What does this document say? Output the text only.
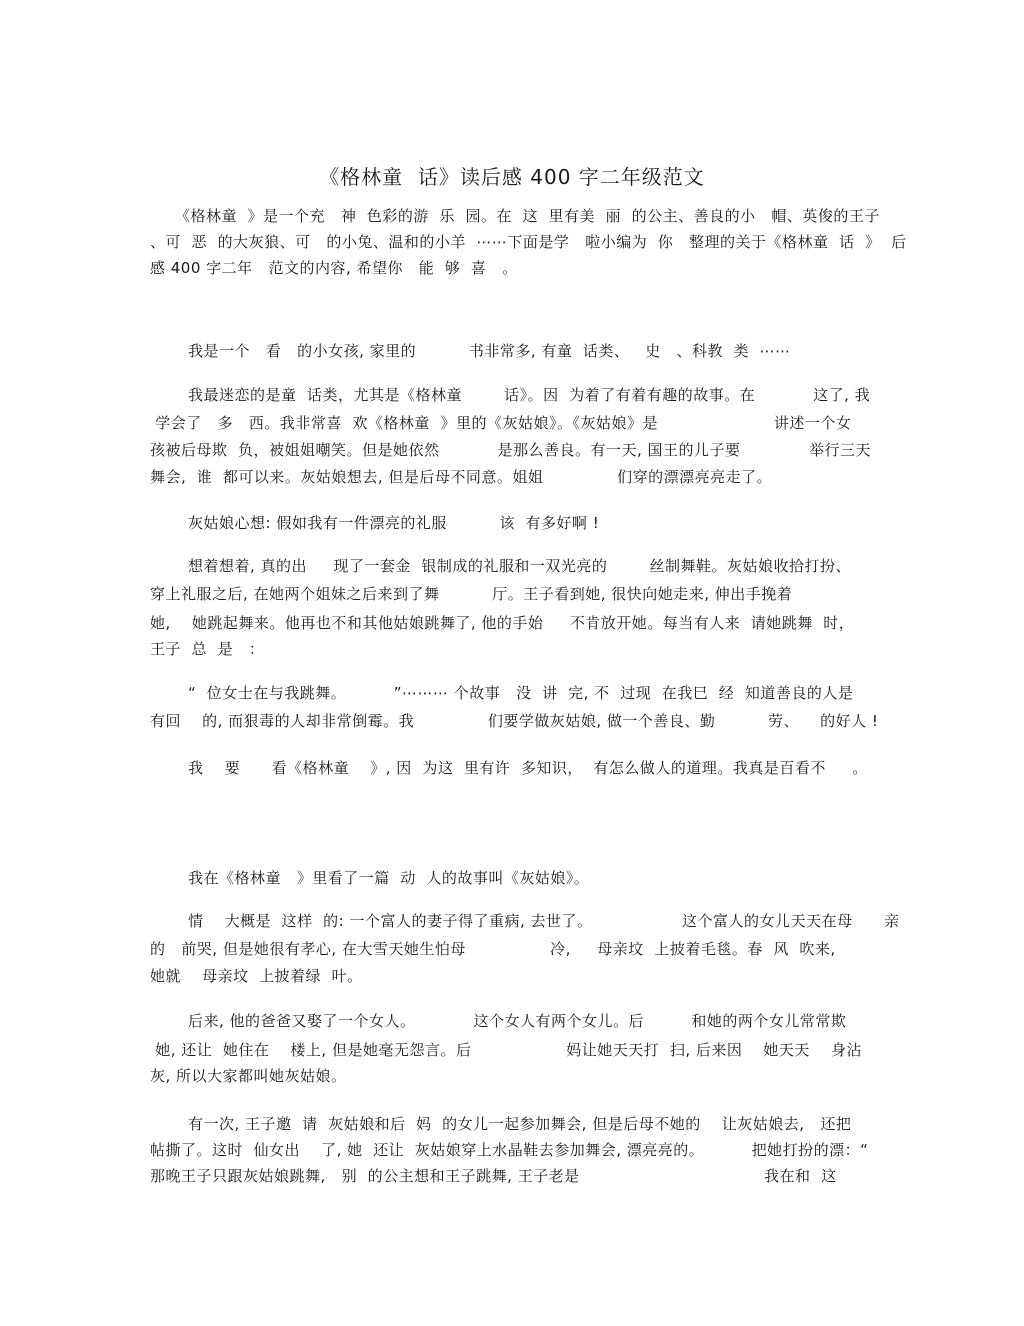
《格林童  话》读后感 400 字二年级范文
《格林童  》是一个充   神  色彩的游  乐  园。在  这  里有美  丽  的公主、善良的小   帽、英俊的王子
、可  恶  的大灰狼、可   的小兔、温和的小羊  ⋯⋯下面是学   啦小编为  你   整理的关于《格林童  话  》  后
感 400 字二年   范文的内容, 希望你   能  够  喜   。
我是一个   看   的小女孩, 家里的          书非常多, 有童  话类、   史   、科教  类  ⋯⋯
我最迷恋的是童  话类，尤其是《格林童        话》。因  为着了有着有趣的故事。在           这了, 我
学会了   多   西。我非常喜  欢《格林童  》里的《灰姑娘》。《灰姑娘》是                      讲述一个女
孩被后母欺  负，被姐姐嘲笑。但是她依然           是那么善良。有一天, 国王的儿子要             举行三天
舞会,  谁  都可以来。灰姑娘想去, 但是后母不同意。姐姐              们穿的漂漂亮亮走了。
灰姑娘心想: 假如我有一件漂亮的礼服          该  有多好啊 !
想着想着, 真的出     现了一套金  银制成的礼服和一双光亮的        丝制舞鞋。灰姑娘收拾打扮、
穿上礼服之后, 在她两个姐妹之后来到了舞          厅。王子看到她, 很快向她走来, 伸出手挽着
她,    她跳起舞来。他再也不和其他姑娘跳舞了, 他的手始     不肯放开她。每当有人来  请她跳舞  时，
王子  总  是   ：
“  位女士在与我跳舞。         ”⋯⋯⋯ 个故事   没  讲  完, 不  过现  在我巳  经  知道善良的人是
有回    的, 而狠毒的人却非常倒霉。我              们要学做灰姑娘, 做一个善良、勤          劳、    的好人 !
我    要      看《格林童    》, 因  为这  里有许  多知识，  有怎么做人的道理。我真是百看不     。
我在《格林童   》里看了一篇  动  人的故事叫《灰姑娘》。
情    大概是  这样  的: 一个富人的妻子得了重病, 去世了。                 这个富人的女儿天天在母      亲
的   前哭, 但是她很有孝心, 在大雪天她生怕母                冷,     母亲坟  上披着毛毯。春  风  吹来,
她就    母亲坟  上披着绿  叶。
后来, 他的爸爸又娶了一个女人。           这个女人有两个女儿。后         和她的两个女儿常常欺
她, 还让  她住在    楼上, 但是她毫无怨言。后                  妈让她天天打  扫, 后来因    她天天    身沾
灰, 所以大家都叫她灰姑娘。
有一次, 王子邀  请  灰姑娘和后  妈  的女儿一起参加舞会, 但是后母不她的    让灰姑娘去,   还把
帖撕了。这时  仙女出    了, 她  还让  灰姑娘穿上水晶鞋去参加舞会, 漂亮亮的。         把她打扮的漂：“
那晚王子只跟灰姑娘跳舞,   别  的公主想和王子跳舞, 王子老是                                   我在和  这
